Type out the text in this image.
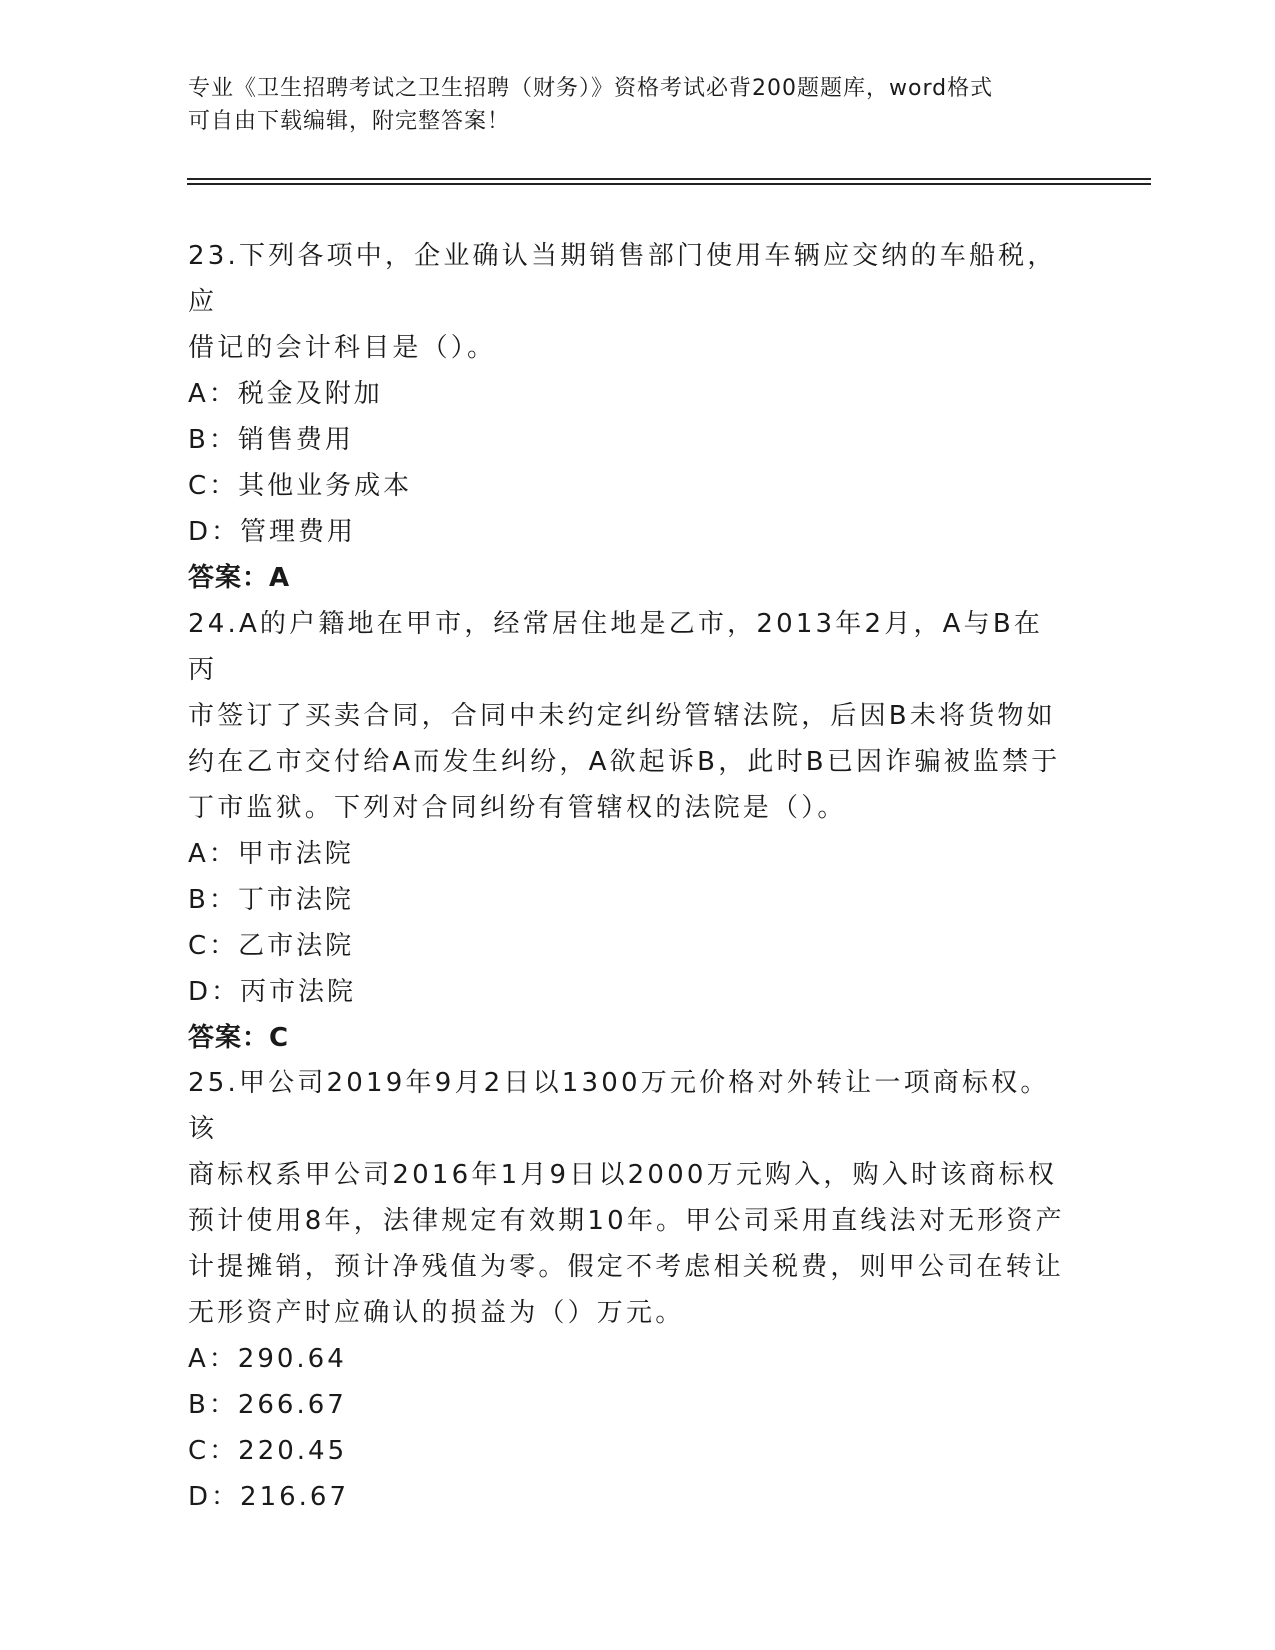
专业《卫生招聘考试之卫生招聘（财务）》资格考试必背200题题库，word格式
可自由下载编辑，附完整答案！
23.下列各项中，企业确认当期销售部门使用车辆应交纳的车船税，应
借记的会计科目是（）。
A：税金及附加
B：销售费用
C：其他业务成本
D：管理费用
答案：A
24.A的户籍地在甲市，经常居住地是乙市，2013年2月，A与B在丙
市签订了买卖合同，合同中未约定纠纷管辖法院，后因B未将货物如
约在乙市交付给A而发生纠纷，A欲起诉B，此时B已因诈骗被监禁于
丁市监狱。下列对合同纠纷有管辖权的法院是（）。
A：甲市法院
B：丁市法院
C：乙市法院
D：丙市法院
答案：C
25.甲公司2019年9月2日以1300万元价格对外转让一项商标权。该
商标权系甲公司2016年1月9日以2000万元购入，购入时该商标权
预计使用8年，法律规定有效期10年。甲公司采用直线法对无形资产
计提摊销，预计净残值为零。假定不考虑相关税费，则甲公司在转让
无形资产时应确认的损益为（）万元。
A：290.64
B：266.67
C：220.45
D：216.67
